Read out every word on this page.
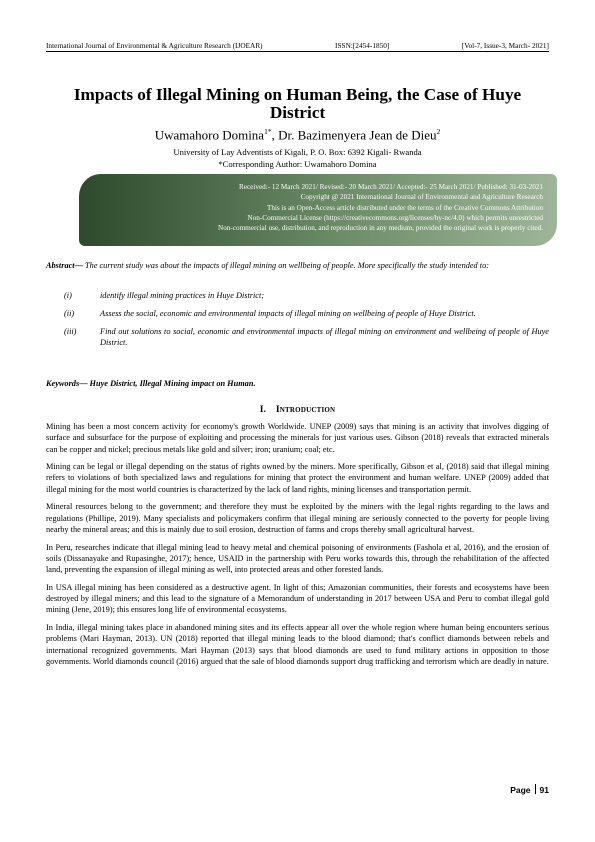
International Journal of Environmental & Agriculture Research (IJOEAR)	ISSN:[2454-1850]	[Vol-7, Issue-3, March- 2021]
Impacts of Illegal Mining on Human Being, the Case of Huye District
Uwamahoro Domina$^{1*}$, Dr. Bazimenyera Jean de Dieu$^2$
University of Lay Adventists of Kigali, P. O. Box: 6392 Kigali- Rwanda
*Corresponding Author: Uwamahoro Domina

Received:- 12 March 2021/ Revised:- 20 March 2021/ Accepted:- 25 March 2021/ Published: 31-03-2021

Copyright @ 2021 International Journal of Environmental and Agriculture Research

This is an Open-Access article distributed under the terms of the Creative Commons Attribution

Non-Commercial License (https://creativecommons.org/licenses/by-nc/4.0) which permits unrestricted

Non-commercial use, distribution, and reproduction in any medium, provided the original work is properly cited.

Abstract— The current study was about the impacts of illegal mining on wellbeing of people. More specifically the study intended to:
(i)	identify illegal mining practices in Huye District;
(ii)	Assess the social, economic and environmental impacts of illegal mining on wellbeing of people of Huye District.
(iii)	Find out solutions to social, economic and environmental impacts of illegal mining on environment and wellbeing of people of Huye District.
Keywords— Huye District, Illegal Mining impact on Human.
I. Introduction

Mining has been a most concern activity for economy's growth Worldwide. UNEP (2009) says that mining is an activity that involves digging of surface and subsurface for the purpose of exploiting and processing the minerals for just various uses. Gibson (2018) reveals that extracted minerals can be copper and nickel; precious metals like gold and silver; iron; uranium; coal; etc.

Mining can be legal or illegal depending on the status of rights owned by the miners. More specifically, Gibson et al, (2018) said that illegal mining refers to violations of both specialized laws and regulations for mining that protect the environment and human welfare. UNEP (2009) added that illegal mining for the most world countries is characterized by the lack of land rights, mining licenses and transportation permit.

Mineral resources belong to the government; and therefore they must be exploited by the miners with the legal rights regarding to the laws and regulations (Phillipe, 2019). Many specialists and policymakers confirm that illegal mining are seriously connected to the poverty for people living nearby the mineral areas; and this is mainly due to soil erosion, destruction of farms and crops thereby small agricultural harvest.

In Peru, researches indicate that illegal mining lead to heavy metal and chemical poisoning of environments (Fashola et al, 2016), and the erosion of soils (Dissanayake and Rupasinghe, 2017); hence, USAID in the partnership with Peru works towards this, through the rehabilitation of the affected land, preventing the expansion of illegal mining as well, into protected areas and other forested lands.

In USA illegal mining has been considered as a destructive agent. In light of this; Amazonian communities, their forests and ecosystems have been destroyed by illegal miners; and this lead to the signature of a Memorandum of understanding in 2017 between USA and Peru to combat illegal gold mining (Jene, 2019); this ensures long life of environmental ecosystems.

In India, illegal mining takes place in abandoned mining sites and its effects appear all over the whole region where human being encounters serious problems (Mari Hayman, 2013). UN (2018) reported that illegal mining leads to the blood diamond; that's conflict diamonds between rebels and international recognized governments. Mari Hayman (2013) says that blood diamonds are used to fund military actions in opposition to those governments. World diamonds council (2016) argued that the sale of blood diamonds support drug trafficking and terrorism which are deadly in nature.

Page 91
